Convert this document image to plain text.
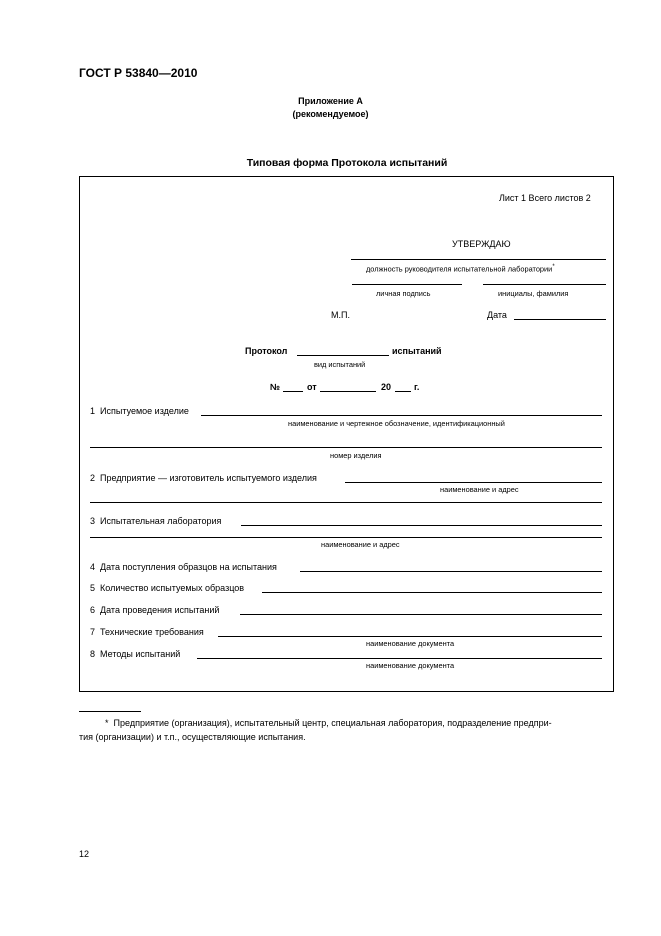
ГОСТ Р 53840—2010
Приложение А
(рекомендуемое)
Типовая форма Протокола испытаний
Лист 1 Всего листов 2
УТВЕРЖДАЮ
должность руководителя испытательной лаборатории*
личная подпись	инициалы, фамилия
М.П.	Дата
Протокол	испытаний
вид испытаний
№	от	20	г.
1 Испытуемое изделие
наименование и чертежное обозначение, идентификационный
номер изделия
2 Предприятие — изготовитель испытуемого изделия
наименование и адрес
3 Испытательная лаборатория
наименование и адрес
4 Дата поступления образцов на испытания
5 Количество испытуемых образцов
6 Дата проведения испытаний
7 Технические требования
наименование документа
8 Методы испытаний
наименование документа
* Предприятие (организация), испытательный центр, специальная лаборатория, подразделение предпри-
тия (организации) и т.п., осуществляющие испытания.
12
